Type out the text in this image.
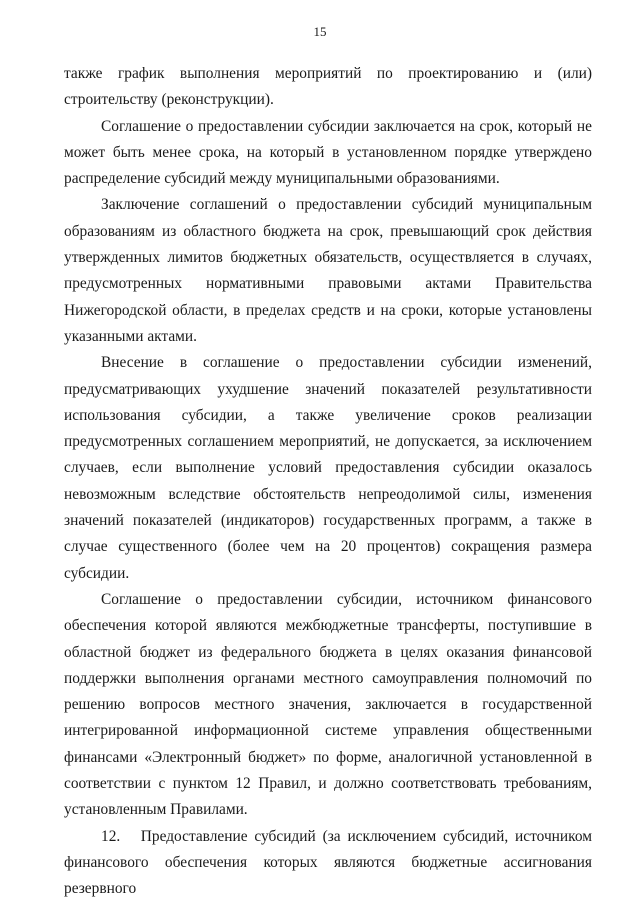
15

также график выполнения мероприятий по проектированию и (или) строительству (реконструкции).

Соглашение о предоставлении субсидии заключается на срок, который не может быть менее срока, на который в установленном порядке утверждено распределение субсидий между муниципальными образованиями.

Заключение соглашений о предоставлении субсидий муниципальным образованиям из областного бюджета на срок, превышающий срок действия утвержденных лимитов бюджетных обязательств, осуществляется в случаях, предусмотренных нормативными правовыми актами Правительства Нижегородской области, в пределах средств и на сроки, которые установлены указанными актами.

Внесение в соглашение о предоставлении субсидии изменений, предусматривающих ухудшение значений показателей результативности использования субсидии, а также увеличение сроков реализации предусмотренных соглашением мероприятий, не допускается, за исключением случаев, если выполнение условий предоставления субсидии оказалось невозможным вследствие обстоятельств непреодолимой силы, изменения значений показателей (индикаторов) государственных программ, а также в случае существенного (более чем на 20 процентов) сокращения размера субсидии.

Соглашение о предоставлении субсидии, источником финансового обеспечения которой являются межбюджетные трансферты, поступившие в областной бюджет из федерального бюджета в целях оказания финансовой поддержки выполнения органами местного самоуправления полномочий по решению вопросов местного значения, заключается в государственной интегрированной информационной системе управления общественными финансами «Электронный бюджет» по форме, аналогичной установленной в соответствии с пунктом 12 Правил, и должно соответствовать требованиям, установленным Правилами.

12.   Предоставление субсидий (за исключением субсидий, источником финансового обеспечения которых являются бюджетные ассигнования резервного
